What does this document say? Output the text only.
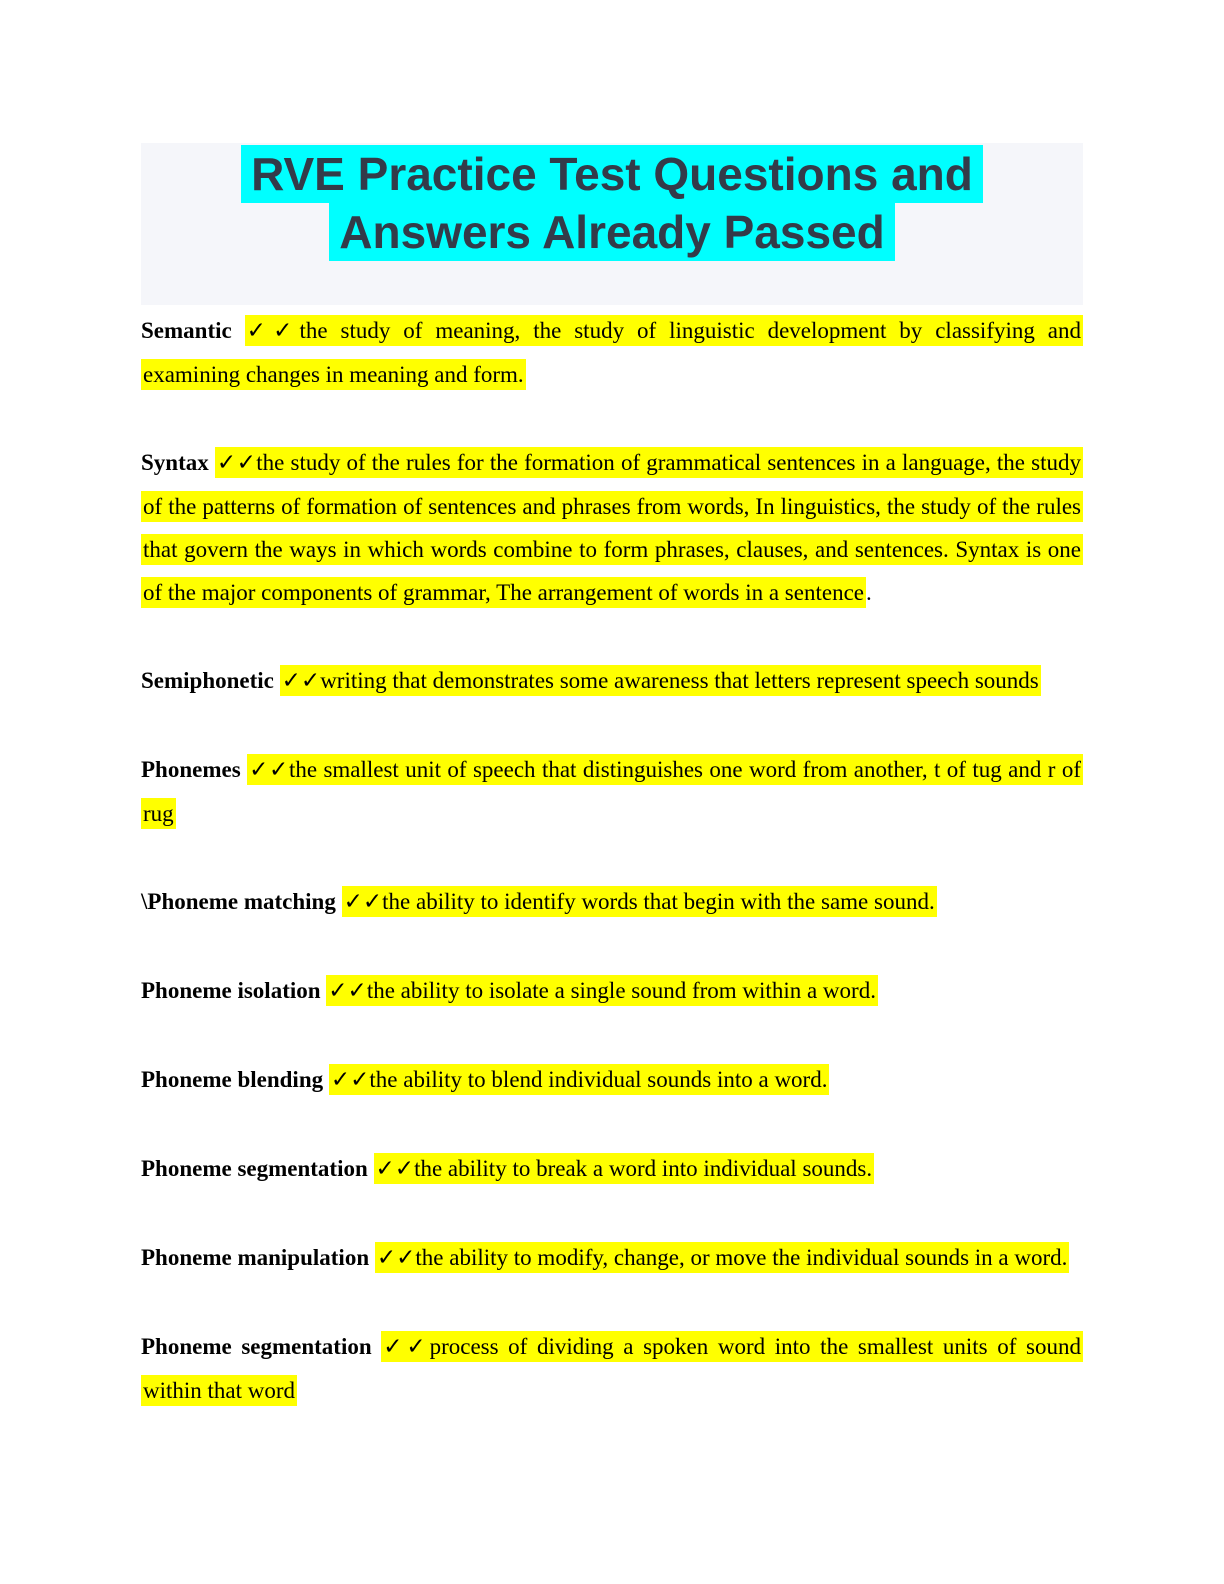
RVE Practice Test Questions and
Answers Already Passed

Semantic ✓✓the study of meaning, the study of linguistic development by classifying and examining changes in meaning and form.

Syntax ✓✓the study of the rules for the formation of grammatical sentences in a language, the study of the patterns of formation of sentences and phrases from words, In linguistics, the study of the rules that govern the ways in which words combine to form phrases, clauses, and sentences. Syntax is one of the major components of grammar, The arrangement of words in a sentence.

Semiphonetic ✓✓writing that demonstrates some awareness that letters represent speech sounds

Phonemes ✓✓the smallest unit of speech that distinguishes one word from another, t of tug and r of rug

\Phoneme matching ✓✓the ability to identify words that begin with the same sound.

Phoneme isolation ✓✓the ability to isolate a single sound from within a word.

Phoneme blending ✓✓the ability to blend individual sounds into a word.

Phoneme segmentation ✓✓the ability to break a word into individual sounds.

Phoneme manipulation ✓✓the ability to modify, change, or move the individual sounds in a word.

Phoneme segmentation ✓✓process of dividing a spoken word into the smallest units of sound within that word
